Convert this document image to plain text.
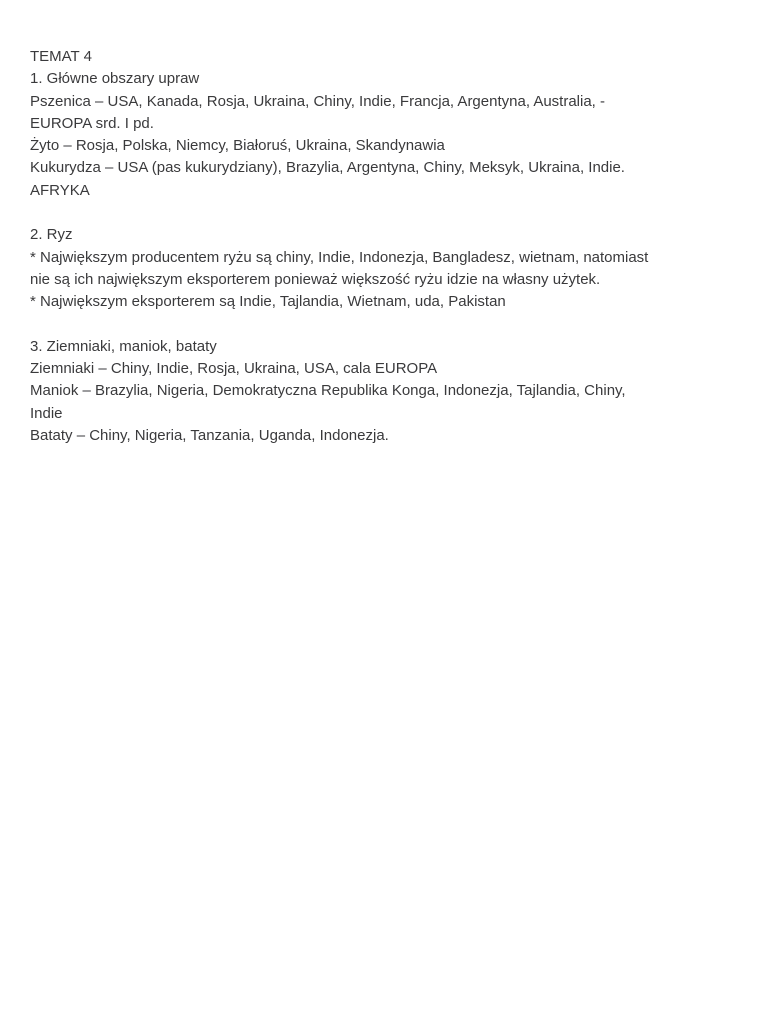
TEMAT 4

1. Główne obszary upraw

Pszenica – USA, Kanada, Rosja, Ukraina, Chiny, Indie, Francja, Argentyna, Australia, -

EUROPA srd. I pd.

Żyto – Rosja, Polska, Niemcy, Białoruś, Ukraina, Skandynawia

Kukurydza – USA (pas kukurydziany), Brazylia, Argentyna, Chiny, Meksyk, Ukraina, Indie.

AFRYKA

2. Ryz

* Największym producentem ryżu są chiny, Indie, Indonezja, Bangladesz, wietnam, natomiast

nie są ich największym eksporterem ponieważ większość ryżu idzie na własny użytek.

* Największym eksporterem są Indie, Tajlandia, Wietnam, uda, Pakistan

3. Ziemniaki, maniok, bataty

Ziemniaki – Chiny, Indie, Rosja, Ukraina, USA, cala EUROPA

Maniok – Brazylia, Nigeria, Demokratyczna Republika Konga, Indonezja, Tajlandia, Chiny,

Indie

Bataty – Chiny, Nigeria, Tanzania, Uganda, Indonezja.
